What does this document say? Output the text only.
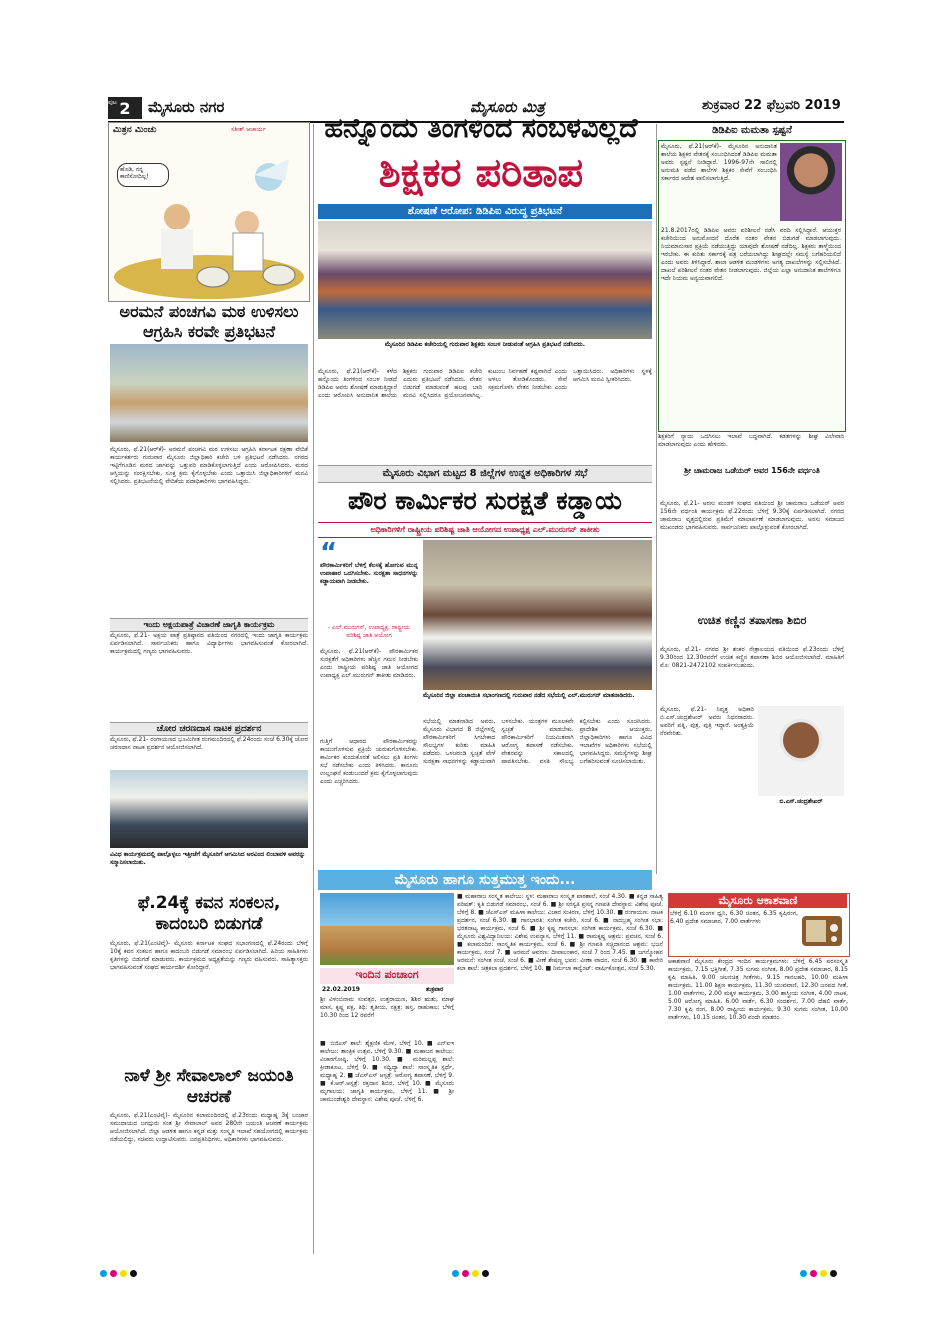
2
ಪುಟ ಮೈಸೂರು ನಗರ	ಮೈಸೂರು ಮಿತ್ರ	ಶುಕ್ರವಾರ 22 ಫೆಬ್ರವರಿ 2019
ಮಿತ್ರನ ಮಿಂಚು	ಸತೀಶ್ ಆಚಾರ್ಯ
ಹೊಡಿ, ನನ್ನ ಕಾಣಿಸೋದಿಲ್ಲ!
ಅರಮನೆ ಪಂಚಗವಿ ಮಠ ಉಳಿಸಲು ಆಗ್ರಹಿಸಿ ಕರವೇ ಪ್ರತಿಭಟನೆ
ಮೈಸೂರು, ಫೆ.21(ಆರ್‌ಕೆ)- ಅರಮನೆ ಪಂಚಗವಿ ಮಠ ಉಳಿಸಲು ಆಗ್ರಹಿಸಿ ಕರ್ನಾಟಕ ರಕ್ಷಣಾ ವೇದಿಕೆ ಕಾರ್ಯಕರ್ತರು ಗುರುವಾರ ಮೈಸೂರು ಜಿಲ್ಲಾಧಿಕಾರಿ ಕಚೇರಿ ಬಳಿ ಪ್ರತಿಭಟನೆ ನಡೆಸಿದರು. ನಗರದ ಇಟ್ಟಿಗೆಗೂಡಿನ ಮಠದ ಜಾಗವನ್ನು ಒತ್ತುವರಿ ಮಾಡಿಕೊಳ್ಳಲಾಗುತ್ತಿದೆ ಎಂದು ಆರೋಪಿಸಿದರು. ಮಠದ ಆಸ್ತಿಯನ್ನು ಸಂರಕ್ಷಿಸಬೇಕು, ಸೂಕ್ತ ಕ್ರಮ ಕೈಗೊಳ್ಳಬೇಕು ಎಂದು ಒತ್ತಾಯಿಸಿ ಜಿಲ್ಲಾಧಿಕಾರಿಗಳಿಗೆ ಮನವಿ ಸಲ್ಲಿಸಿದರು. ಪ್ರತಿಭಟನೆಯಲ್ಲಿ ವೇದಿಕೆಯ ಪದಾಧಿಕಾರಿಗಳು ಭಾಗವಹಿಸಿದ್ದರು.
ಇಂದು ಅಕ್ಷಯಪಾತ್ರೆ ವಿಚಾರಣೆ ಜಾಗೃತಿ ಕಾರ್ಯಕ್ರಮ
ಮೈಸೂರು, ಫೆ.21- ಅಕ್ಷಯ ಪಾತ್ರೆ ಪ್ರತಿಷ್ಠಾನದ ವತಿಯಿಂದ ನಗರದಲ್ಲಿ ಇಂದು ಜಾಗೃತಿ ಕಾರ್ಯಕ್ರಮ ಏರ್ಪಡಿಸಲಾಗಿದೆ. ಸಾರ್ವಜನಿಕರು ಹಾಗೂ ವಿದ್ಯಾರ್ಥಿಗಳು ಭಾಗವಹಿಸುವಂತೆ ಕೋರಲಾಗಿದೆ. ಕಾರ್ಯಕ್ರಮದಲ್ಲಿ ಗಣ್ಯರು ಭಾಗವಹಿಸುವರು.
ಚೋರ ಚರಣದಾಸ ನಾಟಕ ಪ್ರದರ್ಶನ
ಮೈಸೂರು, ಫೆ.21- ರಂಗಾಯಣದ ಭೂಮಿಗೀತ ರಂಗಮಂದಿರದಲ್ಲಿ ಫೆ.24ರಂದು ಸಂಜೆ 6.30ಕ್ಕೆ ಚೋರ ಚರಣದಾಸ ನಾಟಕ ಪ್ರದರ್ಶನ ಆಯೋಜಿಸಲಾಗಿದೆ.
ವಿವಿಧ ಕಾರ್ಯಕ್ರಮದಲ್ಲಿ ಪಾಲ್ಗೊಳ್ಳಲು ಇತ್ತೀಚೆಗೆ ಮೈಸೂರಿಗೆ ಆಗಮಿಸಿದ ಅರವಿಂದ ಲಿಂಬಾವಳಿ ಅವರನ್ನು ಸನ್ಮಾನಿಸಲಾಯಿತು.
ಫೆ.24ಕ್ಕೆ ಕವನ ಸಂಕಲನ, ಕಾದಂಬರಿ ಬಿಡುಗಡೆ
ಮೈಸೂರು, ಫೆ.21(ಎಂಟಿವೈ)- ಮೈಸೂರು ಕರ್ನಾಟಕ ಸಂಘದ ಸಭಾಂಗಣದಲ್ಲಿ ಫೆ.24ರಂದು ಬೆಳಿಗ್ಗೆ 10ಕ್ಕೆ ಕವನ ಸಂಕಲನ ಹಾಗೂ ಕಾದಂಬರಿ ಬಿಡುಗಡೆ ಸಮಾರಂಭ ಏರ್ಪಡಿಸಲಾಗಿದೆ. ಹಿರಿಯ ಸಾಹಿತಿಗಳು ಕೃತಿಗಳನ್ನು ಬಿಡುಗಡೆ ಮಾಡುವರು. ಕಾರ್ಯಕ್ರಮದ ಅಧ್ಯಕ್ಷತೆಯನ್ನು ಗಣ್ಯರು ವಹಿಸುವರು. ಸಾಹಿತ್ಯಾಸಕ್ತರು ಭಾಗವಹಿಸುವಂತೆ ಸಂಘದ ಕಾರ್ಯದರ್ಶಿ ಕೋರಿದ್ದಾರೆ.
ನಾಳೆ ಶ್ರೀ ಸೇವಾಲಾಲ್ ಜಯಂತಿ ಆಚರಣೆ
ಮೈಸೂರು, ಫೆ.21(ಎಂಟಿವೈ)- ಮೈಸೂರಿನ ಕಲಾಮಂದಿರದಲ್ಲಿ ಫೆ.23ರಂದು ಮಧ್ಯಾಹ್ನ 3ಕ್ಕೆ ಬಂಜಾರ ಸಮುದಾಯದ ಜಗದ್ಗುರು ಸಂತ ಶ್ರೀ ಸೇವಾಲಾಲ್ ಅವರ 280ನೇ ಜಯಂತಿ ಆಚರಣೆ ಕಾರ್ಯಕ್ರಮ ಆಯೋಜಿಸಲಾಗಿದೆ. ಜಿಲ್ಲಾ ಆಡಳಿತ ಹಾಗೂ ಕನ್ನಡ ಮತ್ತು ಸಂಸ್ಕೃತಿ ಇಲಾಖೆ ಸಹಯೋಗದಲ್ಲಿ ಕಾರ್ಯಕ್ರಮ ನಡೆಯಲಿದ್ದು, ಸಚಿವರು ಉದ್ಘಾಟಿಸುವರು. ಜನಪ್ರತಿನಿಧಿಗಳು, ಅಧಿಕಾರಿಗಳು ಭಾಗವಹಿಸುವರು.
ಹನ್ನೊಂದು ತಿಂಗಳಿಂದ ಸಂಬಳವಿಲ್ಲದೆ
ಶಿಕ್ಷಕರ ಪರಿತಾಪ
ಶೋಷಣೆ ಆರೋಪ: ಡಿಡಿಪಿಐ ವಿರುದ್ಧ ಪ್ರತಿಭಟನೆ
ಮೈಸೂರಿನ ಡಿಡಿಪಿಐ ಕಚೇರಿಯಲ್ಲಿ ಗುರುವಾರ ಶಿಕ್ಷಕರು ಸಂಬಳ ನೀಡುವಂತೆ ಆಗ್ರಹಿಸಿ ಪ್ರತಿಭಟನೆ ನಡೆಸಿದರು.
ಮೈಸೂರು, ಫೆ.21(ಆರ್‌ಕೆ)- ಕಳೆದ ಹನ್ನೊಂದು ತಿಂಗಳಿಂದ ಸಂಬಳ ನೀಡದೆ ಡಿಡಿಪಿಐ ಅವರು ಶೋಷಣೆ ಮಾಡುತ್ತಿದ್ದಾರೆ ಎಂದು ಆರೋಪಿಸಿ ಅನುದಾನಿತ ಶಾಲೆಯ ಶಿಕ್ಷಕರು ಗುರುವಾರ ಡಿಡಿಪಿಐ ಕಚೇರಿ ಎದುರು ಪ್ರತಿಭಟನೆ ನಡೆಸಿದರು. ವೇತನ ಬಿಡುಗಡೆ ಮಾಡುವಂತೆ ಹಲವು ಬಾರಿ ಮನವಿ ಸಲ್ಲಿಸಿದರೂ ಪ್ರಯೋಜನವಾಗಿಲ್ಲ. ಕುಟುಂಬ ನಿರ್ವಹಣೆ ಕಷ್ಟವಾಗಿದೆ ಎಂದು ಅಳಲು ತೋಡಿಕೊಂಡರು. ಸೇವೆ ಸಕ್ರಮಗೊಳಿಸಿ ವೇತನ ನೀಡಬೇಕು ಎಂದು ಒತ್ತಾಯಿಸಿದರು. ಅಧಿಕಾರಿಗಳು ಸ್ಥಳಕ್ಕೆ ಆಗಮಿಸಿ ಮನವಿ ಸ್ವೀಕರಿಸಿದರು.
ಡಿಡಿಪಿಐ ಮಮತಾ ಸ್ಪಷ್ಟನೆ
ಮೈಸೂರು, ಫೆ.21(ಆರ್‌ಕೆ)- ಮೈಸೂರಿನ ಅನುದಾನಿತ ಶಾಲೆಯ ಶಿಕ್ಷಕರ ವೇತನಕ್ಕೆ ಸಂಬಂಧಿಸಿದಂತೆ ಡಿಡಿಪಿಐ ಮಮತಾ ಅವರು ಸ್ಪಷ್ಟನೆ ನೀಡಿದ್ದಾರೆ. 1996-97ನೇ ಸಾಲಿನಲ್ಲಿ ಅನುಮತಿ ಪಡೆದ ಶಾಲೆಗಳ ಶಿಕ್ಷಕರ ಸೇವೆಗೆ ಸಂಬಂಧಿಸಿ ಸರ್ಕಾರದ ಆದೇಶ ಪಾಲಿಸಲಾಗುತ್ತಿದೆ.
21.8.2017ರಲ್ಲಿ ಡಿಡಿಪಿಐ ಅವರು ಪರಿಶೀಲನೆ ನಡೆಸಿ ವರದಿ ಸಲ್ಲಿಸಿದ್ದಾರೆ. ಆಯುಕ್ತರ ಕಚೇರಿಯಿಂದ ಅನುಮೋದನೆ ದೊರೆತ ನಂತರ ವೇತನ ಬಿಡುಗಡೆ ಮಾಡಲಾಗುವುದು. ನಿಯಮಾನುಸಾರ ಪ್ರಕ್ರಿಯೆ ನಡೆಯುತ್ತಿದ್ದು ಯಾವುದೇ ಶೋಷಣೆ ನಡೆದಿಲ್ಲ. ಶಿಕ್ಷಕರು ತಾಳ್ಮೆಯಿಂದ ಇರಬೇಕು. ಈ ಕುರಿತು ಸರ್ಕಾರಕ್ಕೆ ಪತ್ರ ಬರೆಯಲಾಗಿದ್ದು ಶೀಘ್ರದಲ್ಲೇ ಸಮಸ್ಯೆ ಬಗೆಹರಿಯಲಿದೆ ಎಂದು ಅವರು ತಿಳಿಸಿದ್ದಾರೆ. ಶಾಲಾ ಆಡಳಿತ ಮಂಡಳಿಗಳು ಅಗತ್ಯ ದಾಖಲೆಗಳನ್ನು ಸಲ್ಲಿಸಬೇಕಿದೆ. ದಾಖಲೆ ಪರಿಶೀಲನೆ ನಂತರ ವೇತನ ನೀಡಲಾಗುವುದು. ಜಿಲ್ಲೆಯ ಎಲ್ಲಾ ಅನುದಾನಿತ ಶಾಲೆಗಳಿಗೂ ಇದೇ ನಿಯಮ ಅನ್ವಯವಾಗಲಿದೆ.
ಶಿಕ್ಷಕರಿಗೆ ನ್ಯಾಯ ಒದಗಿಸಲು ಇಲಾಖೆ ಬದ್ಧವಾಗಿದೆ. ಕಡತಗಳನ್ನು ಶೀಘ್ರ ವಿಲೇವಾರಿ ಮಾಡಲಾಗುವುದು ಎಂದು ಹೇಳಿದರು.
ಮೈಸೂರು ವಿಭಾಗ ಮಟ್ಟದ 8 ಜಿಲ್ಲೆಗಳ ಉನ್ನತ ಅಧಿಕಾರಿಗಳ ಸಭೆ
ಪೌರ ಕಾರ್ಮಿಕರ ಸುರಕ್ಷತೆ ಕಡ್ಡಾಯ
ಅಧಿಕಾರಿಗಳಿಗೆ ರಾಷ್ಟ್ರೀಯ ಪರಿಶಿಷ್ಟ ಜಾತಿ ಆಯೋಗದ ಉಪಾಧ್ಯಕ್ಷ ಎಲ್.ಮುರುಗನ್ ತಾಕೀತು
“
ಪೌರಕಾರ್ಮಿಕರಿಗೆ ಬೆಳಿಗ್ಗೆ ಕೆಲಸಕ್ಕೆ ಹೋಗುವ ಮುನ್ನ ಉಪಾಹಾರ ಒದಗಿಸಬೇಕು. ಸುರಕ್ಷತಾ ಸಾಧನಗಳನ್ನು ಕಡ್ಡಾಯವಾಗಿ ನೀಡಬೇಕು.
- ಎಲ್.ಮುರುಗನ್, ಉಪಾಧ್ಯಕ್ಷ, ರಾಷ್ಟ್ರೀಯ ಪರಿಶಿಷ್ಟ ಜಾತಿ ಆಯೋಗ
ಮೈಸೂರು, ಫೆ.21(ಆರ್‌ಕೆ)- ಪೌರಕಾರ್ಮಿಕರ ಸುರಕ್ಷತೆಗೆ ಅಧಿಕಾರಿಗಳು ಹೆಚ್ಚಿನ ಗಮನ ನೀಡಬೇಕು ಎಂದು ರಾಷ್ಟ್ರೀಯ ಪರಿಶಿಷ್ಟ ಜಾತಿ ಆಯೋಗದ ಉಪಾಧ್ಯಕ್ಷ ಎಲ್.ಮುರುಗನ್ ತಾಕೀತು ಮಾಡಿದರು.
ಮೈಸೂರಿನ ಜಿಲ್ಲಾ ಪಂಚಾಯಿತಿ ಸಭಾಂಗಣದಲ್ಲಿ ಗುರುವಾರ ನಡೆದ ಸಭೆಯಲ್ಲಿ ಎಲ್.ಮುರುಗನ್ ಮಾತನಾಡಿದರು.
ಸಭೆಯಲ್ಲಿ ಮಾತನಾಡಿದ ಅವರು, ಮೈಸೂರು ವಿಭಾಗದ 8 ಜಿಲ್ಲೆಗಳಲ್ಲಿ ಪೌರಕಾರ್ಮಿಕರಿಗೆ ಸಿಗಬೇಕಾದ ಸೌಲಭ್ಯಗಳ ಕುರಿತು ಮಾಹಿತಿ ಪಡೆದರು. ಒಳಚರಂಡಿ ಸ್ವಚ್ಛತೆ ವೇಳೆ ಸುರಕ್ಷತಾ ಸಾಧನಗಳನ್ನು ಕಡ್ಡಾಯವಾಗಿ ಬಳಸಬೇಕು. ಯಂತ್ರಗಳ ಮೂಲಕವೇ ಸ್ವಚ್ಛತೆ ಮಾಡಬೇಕು. ಪೌರಕಾರ್ಮಿಕರಿಗೆ ನಿಯಮಿತವಾಗಿ ಆರೋಗ್ಯ ತಪಾಸಣೆ ನಡೆಸಬೇಕು. ವೇತನವನ್ನು ಸಕಾಲದಲ್ಲಿ ಪಾವತಿಸಬೇಕು. ವಸತಿ ಸೌಲಭ್ಯ ಕಲ್ಪಿಸಬೇಕು ಎಂದು ಸೂಚಿಸಿದರು. ಪ್ರಾದೇಶಿಕ ಆಯುಕ್ತರು, ಜಿಲ್ಲಾಧಿಕಾರಿಗಳು ಹಾಗೂ ವಿವಿಧ ಇಲಾಖೆಗಳ ಅಧಿಕಾರಿಗಳು ಸಭೆಯಲ್ಲಿ ಭಾಗವಹಿಸಿದ್ದರು. ಸಮಸ್ಯೆಗಳನ್ನು ಶೀಘ್ರ ಬಗೆಹರಿಸುವಂತೆ ಸೂಚಿಸಲಾಯಿತು.
ಗುತ್ತಿಗೆ ಆಧಾರದ ಪೌರಕಾರ್ಮಿಕರನ್ನು ಕಾಯಂಗೊಳಿಸುವ ಪ್ರಕ್ರಿಯೆ ಚುರುಕುಗೊಳಿಸಬೇಕು. ಕಾರ್ಮಿಕರ ಕುಂದುಕೊರತೆ ಆಲಿಸಲು ಪ್ರತಿ ತಿಂಗಳು ಸಭೆ ನಡೆಸಬೇಕು ಎಂದು ತಿಳಿಸಿದರು. ಕಾನೂನು ಉಲ್ಲಂಘನೆ ಕಂಡುಬಂದರೆ ಕ್ರಮ ಕೈಗೊಳ್ಳಲಾಗುವುದು ಎಂದು ಎಚ್ಚರಿಸಿದರು.
ಶ್ರೀ ಚಾಮರಾಜ ಒಡೆಯರ್ ಅವರ 156ನೇ ವರ್ಧಂತಿ
ಮೈಸೂರು, ಫೆ.21- ಅರಸು ಮಂಡಳಿ ಸಂಘದ ವತಿಯಿಂದ ಶ್ರೀ ಚಾಮರಾಜ ಒಡೆಯರ್ ಅವರ 156ನೇ ವರ್ಧಂತಿ ಕಾರ್ಯಕ್ರಮ ಫೆ.22ರಂದು ಬೆಳಿಗ್ಗೆ 9.30ಕ್ಕೆ ಏರ್ಪಡಿಸಲಾಗಿದೆ. ನಗರದ ಚಾಮರಾಜ ವೃತ್ತದಲ್ಲಿರುವ ಪ್ರತಿಮೆಗೆ ಮಾಲಾರ್ಪಣೆ ಮಾಡಲಾಗುವುದು. ಅರಸು ಸಮಾಜದ ಮುಖಂಡರು ಭಾಗವಹಿಸುವರು. ಸಾರ್ವಜನಿಕರು ಪಾಲ್ಗೊಳ್ಳುವಂತೆ ಕೋರಲಾಗಿದೆ.
ಉಚಿತ ಕಣ್ಣಿನ ತಪಾಸಣಾ ಶಿಬಿರ
ಮೈಸೂರು, ಫೆ.21- ನಗರದ ಶ್ರೀ ಶಂಕರ ನೇತ್ರಾಲಯದ ವತಿಯಿಂದ ಫೆ.23ರಂದು ಬೆಳಿಗ್ಗೆ 9.30ರಿಂದ 12.30ರವರೆಗೆ ಉಚಿತ ಕಣ್ಣಿನ ತಪಾಸಣಾ ಶಿಬಿರ ಆಯೋಜಿಸಲಾಗಿದೆ. ಮಾಹಿತಿಗೆ ಮೊ: 0821-2472102 ಸಂಪರ್ಕಿಸಬಹುದು.
ಮೈಸೂರು, ಫೆ.21- ನಿವೃತ್ತ ಅಧಿಕಾರಿ ಬಿ.ಎಸ್.ಚಂದ್ರಶೇಖರ್ ಅವರು ನಿಧನರಾದರು. ಅವರಿಗೆ ಪತ್ನಿ, ಪುತ್ರ, ಪುತ್ರಿ ಇದ್ದಾರೆ. ಅಂತ್ಯಕ್ರಿಯೆ ನೆರವೇರಿತು.
ಬಿ.ಎಸ್.ಚಂದ್ರಶೇಖರ್
ಮೈಸೂರು ಹಾಗೂ ಸುತ್ತಮುತ್ತ ಇಂದು...
ಇಂದಿನ ಪಂಚಾಂಗ
22.02.2019	ಶುಕ್ರವಾರ
ಶ್ರೀ ವಿಳಂಬಿನಾಮ ಸಂವತ್ಸರ, ಉತ್ತರಾಯಣ, ಶಿಶಿರ ಋತು, ಮಾಘ ಮಾಸ, ಕೃಷ್ಣ ಪಕ್ಷ, ತಿಥಿ: ತೃತೀಯ, ನಕ್ಷತ್ರ: ಹಸ್ತ, ರಾಹುಕಾಲ: ಬೆಳಿಗ್ಗೆ 10.30 ರಿಂದ 12 ರವರೆಗೆ
■ ಮಹಾರಾಜ ಸಂಸ್ಕೃತ ಕಾಲೇಜು: ಸ್ಥಳ: ಮಹಾರಾಜ ಸಂಸ್ಕೃತ ಪಾಠಶಾಲೆ, ಸಂಜೆ 4.30. ■ ಕನ್ನಡ ಸಾಹಿತ್ಯ ಪರಿಷತ್: ಕೃತಿ ಬಿಡುಗಡೆ ಸಮಾರಂಭ, ಸಂಜೆ 6. ■ ಶ್ರೀ ಸರಸ್ವತಿ ಪ್ರಸನ್ನ ಗಣಪತಿ ದೇವಸ್ಥಾನ: ವಿಶೇಷ ಪೂಜೆ, ಬೆಳಿಗ್ಗೆ 8. ■ ಜೆಎಸ್‌ಎಸ್ ಮಹಿಳಾ ಕಾಲೇಜು: ವಿಚಾರ ಸಂಕಿರಣ, ಬೆಳಿಗ್ಗೆ 10.30. ■ ರಂಗಾಯಣ: ನಾಟಕ ಪ್ರದರ್ಶನ, ಸಂಜೆ 6.30. ■ ಗಾನಭಾರತಿ: ಸಂಗೀತ ಕಚೇರಿ, ಸಂಜೆ 6. ■ ನಾದಬ್ರಹ್ಮ ಸಂಗೀತ ಸಭಾ: ಭರತನಾಟ್ಯ ಕಾರ್ಯಕ್ರಮ, ಸಂಜೆ 6. ■ ಶ್ರೀ ಕೃಷ್ಣ ಗಾನಸಭಾ: ಸಂಗೀತ ಕಾರ್ಯಕ್ರಮ, ಸಂಜೆ 6.30. ■ ಮೈಸೂರು ವಿಶ್ವವಿದ್ಯಾನಿಲಯ: ವಿಶೇಷ ಉಪನ್ಯಾಸ, ಬೆಳಿಗ್ಗೆ 11. ■ ರಾಮಕೃಷ್ಣ ಆಶ್ರಮ: ಪ್ರವಚನ, ಸಂಜೆ 6. ■ ಕಲಾಮಂದಿರ: ಸಾಂಸ್ಕೃತಿಕ ಕಾರ್ಯಕ್ರಮ, ಸಂಜೆ 6. ■ ಶ್ರೀ ಗಣಪತಿ ಸಚ್ಚಿದಾನಂದ ಆಶ್ರಮ: ಭಜನೆ ಕಾರ್ಯಕ್ರಮ, ಸಂಜೆ 7. ■ ಅರಮನೆ ಆವರಣ: ದೀಪಾಲಂಕಾರ, ಸಂಜೆ 7 ರಿಂದ 7.45. ■ ಜಗನ್ಮೋಹನ ಅರಮನೆ: ಸಂಗೀತ ಸಂಜೆ, ಸಂಜೆ 6. ■ ವೀಣೆ ಶೇಷಣ್ಣ ಭವನ: ವೀಣಾ ವಾದನ, ಸಂಜೆ 6.30. ■ ಕಾವೇರಿ ಕಲಾ ಶಾಲೆ: ಚಿತ್ರಕಲಾ ಪ್ರದರ್ಶನ, ಬೆಳಿಗ್ಗೆ 10. ■ ನಿರ್ಮಲಾ ಕಾನ್ವೆಂಟ್: ವಾರ್ಷಿಕೋತ್ಸವ, ಸಂಜೆ 5.30.
■ ಬಿಜಿಎಸ್ ಶಾಲೆ: ಶೈಕ್ಷಣಿಕ ಮೇಳ, ಬೆಳಿಗ್ಗೆ 10. ■ ಎನ್‌ಐಇ ಕಾಲೇಜು: ತಾಂತ್ರಿಕ ಉತ್ಸವ, ಬೆಳಿಗ್ಗೆ 9.30. ■ ಮಹಾಜನ ಕಾಲೇಜು: ವಿಚಾರಗೋಷ್ಠಿ, ಬೆಳಿಗ್ಗೆ 10.30. ■ ಮರಿಮಲ್ಲಪ್ಪ ಶಾಲೆ: ಕ್ರೀಡಾಕೂಟ, ಬೆಳಿಗ್ಗೆ 9. ■ ಸದ್ವಿದ್ಯಾ ಶಾಲೆ: ಸಾಂಸ್ಕೃತಿಕ ಸ್ಪರ್ಧೆ, ಮಧ್ಯಾಹ್ನ 2. ■ ಜೆಎಸ್‌ಎಸ್ ಆಸ್ಪತ್ರೆ: ಆರೋಗ್ಯ ತಪಾಸಣೆ, ಬೆಳಿಗ್ಗೆ 9. ■ ಕೆ.ಆರ್.ಆಸ್ಪತ್ರೆ: ರಕ್ತದಾನ ಶಿಬಿರ, ಬೆಳಿಗ್ಗೆ 10. ■ ಮೈಸೂರು ಮೃಗಾಲಯ: ಜಾಗೃತಿ ಕಾರ್ಯಕ್ರಮ, ಬೆಳಿಗ್ಗೆ 11. ■ ಶ್ರೀ ಚಾಮುಂಡೇಶ್ವರಿ ದೇವಸ್ಥಾನ: ವಿಶೇಷ ಪೂಜೆ, ಬೆಳಿಗ್ಗೆ 6.
ಮೈಸೂರು ಆಕಾಶವಾಣಿ
ಬೆಳಿಗ್ಗೆ 6.10 ಮಂಗಳ ಧ್ವನಿ, 6.30 ಚಿಂತನ, 6.35 ಕೃಷಿರಂಗ, 6.40 ಪ್ರದೇಶ ಸಮಾಚಾರ, 7.00 ವಾರ್ತೆಗಳು
ಆಕಾಶವಾಣಿ ಮೈಸೂರು ಕೇಂದ್ರದ ಇಂದಿನ ಕಾರ್ಯಕ್ರಮಗಳು: ಬೆಳಿಗ್ಗೆ 6.45 ಪರಸಂಸ್ಕೃತಿ ಕಾರ್ಯಕ್ರಮ, 7.15 ಭಕ್ತಿಗೀತೆ, 7.35 ಸುಗಮ ಸಂಗೀತ, 8.00 ಪ್ರದೇಶ ಸಮಾಚಾರ, 8.15 ಕೃಷಿ ಮಾಹಿತಿ, 9.00 ಚಲನಚಿತ್ರ ಗೀತೆಗಳು, 9.15 ಗಾನಲಹರಿ, 10.00 ಮಹಿಳಾ ಕಾರ್ಯಕ್ರಮ, 11.00 ಶಿಕ್ಷಣ ಕಾರ್ಯಕ್ರಮ, 11.30 ಯುವವಾಣಿ, 12.30 ಜನಪದ ಗೀತೆ, 1.00 ವಾರ್ತೆಗಳು, 2.00 ಮಕ್ಕಳ ಕಾರ್ಯಕ್ರಮ, 3.00 ಶಾಸ್ತ್ರೀಯ ಸಂಗೀತ, 4.00 ನಾಟಕ, 5.00 ಆರೋಗ್ಯ ಮಾಹಿತಿ, 6.00 ವಾರ್ತೆ, 6.30 ಸಂದರ್ಶನ, 7.00 ದೆಹಲಿ ವಾರ್ತೆ, 7.30 ಕೃಷಿ ರಂಗ, 8.00 ರಾಷ್ಟ್ರೀಯ ಕಾರ್ಯಕ್ರಮ, 9.30 ಸುಗಮ ಸಂಗೀತ, 10.00 ವಾರ್ತೆಗಳು, 10.15 ಚಿಂತನ, 10.30 ವಂದೇ ಮಾತರಂ.
